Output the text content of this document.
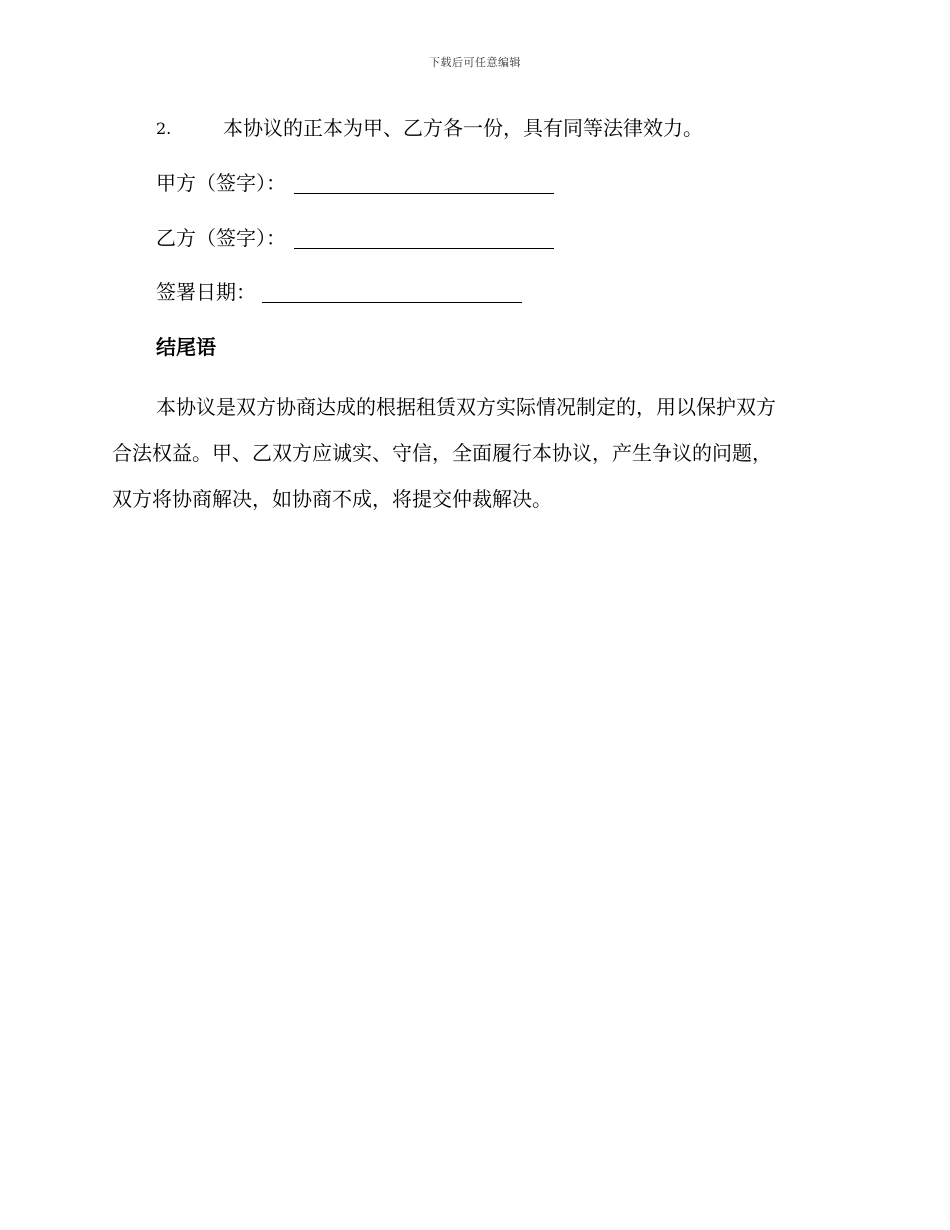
下载后可任意编辑
2.	本协议的正本为甲、乙方各一份，具有同等法律效力。
甲方（签字）：
乙方（签字）：
签署日期：
结尾语
本协议是双方协商达成的根据租赁双方实际情况制定的，用以保护双方
合法权益。甲、乙双方应诚实、守信，全面履行本协议，产生争议的问题，
双方将协商解决，如协商不成，将提交仲裁解决。
